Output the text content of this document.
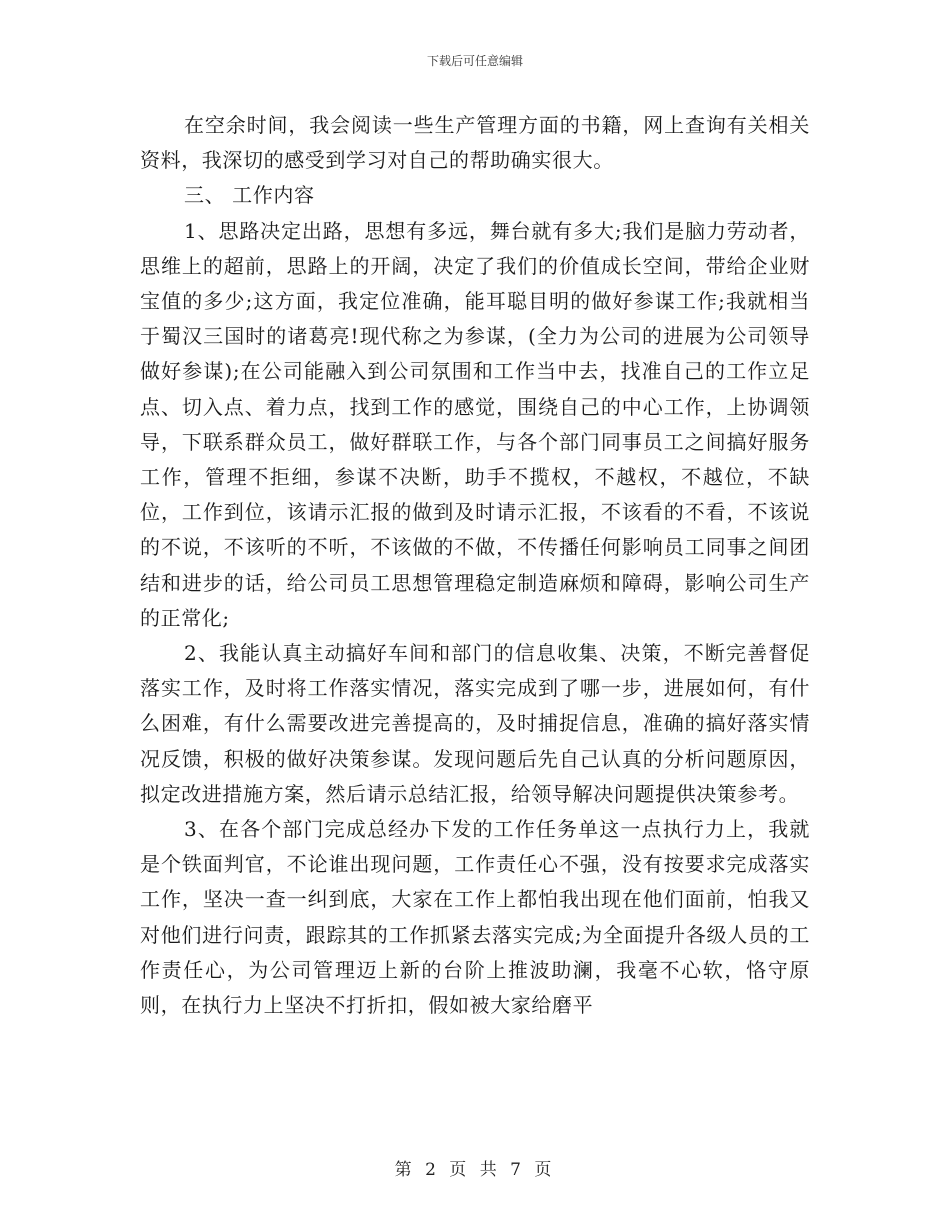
下载后可任意编辑

在空余时间，我会阅读一些生产管理方面的书籍，网上查询有关相关资料，我深切的感受到学习对自己的帮助确实很大。

三、 工作内容

1、思路决定出路，思想有多远，舞台就有多大;我们是脑力劳动者，思维上的超前，思路上的开阔，决定了我们的价值成长空间，带给企业财宝值的多少;这方面，我定位准确，能耳聪目明的做好参谋工作;我就相当于蜀汉三国时的诸葛亮!现代称之为参谋，(全力为公司的进展为公司领导做好参谋);在公司能融入到公司氛围和工作当中去，找准自己的工作立足点、切入点、着力点，找到工作的感觉，围绕自己的中心工作，上协调领导，下联系群众员工，做好群联工作，与各个部门同事员工之间搞好服务工作，管理不拒细，参谋不决断，助手不揽权，不越权，不越位，不缺位，工作到位，该请示汇报的做到及时请示汇报，不该看的不看，不该说的不说，不该听的不听，不该做的不做，不传播任何影响员工同事之间团结和进步的话，给公司员工思想管理稳定制造麻烦和障碍，影响公司生产的正常化;

2、我能认真主动搞好车间和部门的信息收集、决策，不断完善督促落实工作，及时将工作落实情况，落实完成到了哪一步，进展如何，有什么困难，有什么需要改进完善提高的，及时捕捉信息，准确的搞好落实情况反馈，积极的做好决策参谋。发现问题后先自己认真的分析问题原因，拟定改进措施方案，然后请示总结汇报，给领导解决问题提供决策参考。

3、在各个部门完成总经办下发的工作任务单这一点执行力上，我就是个铁面判官，不论谁出现问题，工作责任心不强，没有按要求完成落实工作，坚决一查一纠到底，大家在工作上都怕我出现在他们面前，怕我又对他们进行问责，跟踪其的工作抓紧去落实完成;为全面提升各级人员的工作责任心，为公司管理迈上新的台阶上推波助澜，我毫不心软，恪守原则，在执行力上坚决不打折扣，假如被大家给磨平

第 2 页 共 7 页
